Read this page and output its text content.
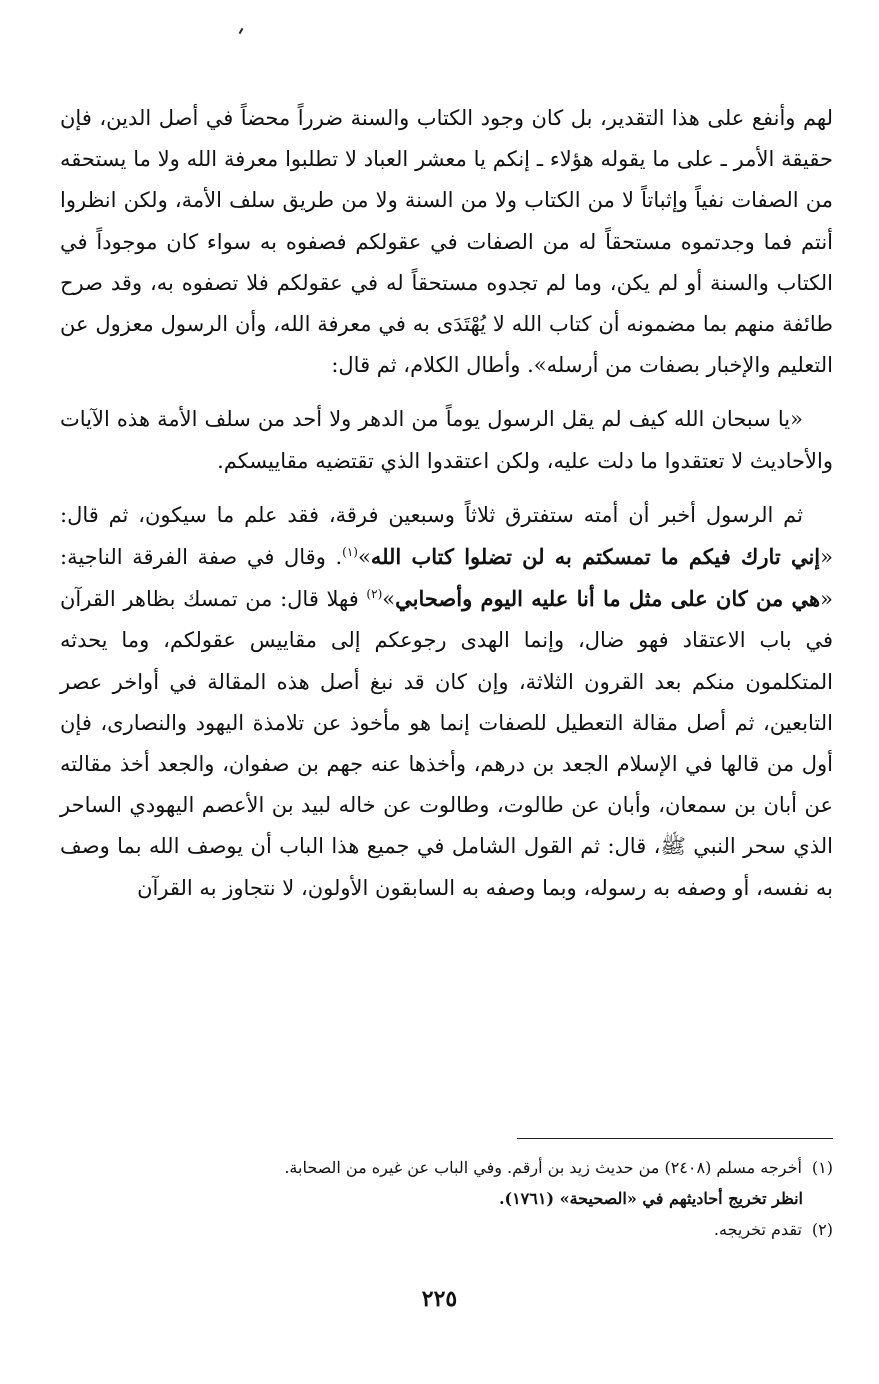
لهم وأنفع على هذا التقدير، بل كان وجود الكتاب والسنة ضرراً محضاً في أصل الدين، فإن حقيقة الأمر ـ على ما يقوله هؤلاء ـ إنكم يا معشر العباد لا تطلبوا معرفة الله ولا ما يستحقه من الصفات نفياً وإثباتاً لا من الكتاب ولا من السنة ولا من طريق سلف الأمة، ولكن انظروا أنتم فما وجدتموه مستحقاً له من الصفات في عقولكم فصفوه به سواء كان موجوداً في الكتاب والسنة أو لم يكن، وما لم تجدوه مستحقاً له في عقولكم فلا تصفوه به، وقد صرح طائفة منهم بما مضمونه أن كتاب الله لا يُهْتَدَى به في معرفة الله، وأن الرسول معزول عن التعليم والإخبار بصفات من أرسله». وأطال الكلام، ثم قال:

«يا سبحان الله كيف لم يقل الرسول يوماً من الدهر ولا أحد من سلف الأمة هذه الآيات والأحاديث لا تعتقدوا ما دلت عليه، ولكن اعتقدوا الذي تقتضيه مقاييسكم.

ثم الرسول أخبر أن أمته ستفترق ثلاثاً وسبعين فرقة، فقد علم ما سيكون، ثم قال: «إني تارك فيكم ما تمسكتم به لن تضلوا كتاب الله»$^{(١)}$. وقال في صفة الفرقة الناجية: «هي من كان على مثل ما أنا عليه اليوم وأصحابي»$^{(٢)}$ فهلا قال: من تمسك بظاهر القرآن في باب الاعتقاد فهو ضال، وإنما الهدى رجوعكم إلى مقاييس عقولكم، وما يحدثه المتكلمون منكم بعد القرون الثلاثة، وإن كان قد نبغ أصل هذه المقالة في أواخر عصر التابعين، ثم أصل مقالة التعطيل للصفات إنما هو مأخوذ عن تلامذة اليهود والنصارى، فإن أول من قالها في الإسلام الجعد بن درهم، وأخذها عنه جهم بن صفوان، والجعد أخذ مقالته عن أبان بن سمعان، وأبان عن طالوت، وطالوت عن خاله لبيد بن الأعصم اليهودي الساحر الذي سحر النبي ﷺ، قال: ثم القول الشامل في جميع هذا الباب أن يوصف الله بما وصف به نفسه، أو وصفه به رسوله، وبما وصفه به السابقون الأولون، لا نتجاوز به القرآن

(١)أخرجه مسلم (٢٤٠٨) من حديث زيد بن أرقم. وفي الباب عن غيره من الصحابة.

انظر تخريج أحاديثهم في «الصحيحة» (١٧٦١).

(٢)تقدم تخريجه.

٢٢٥
